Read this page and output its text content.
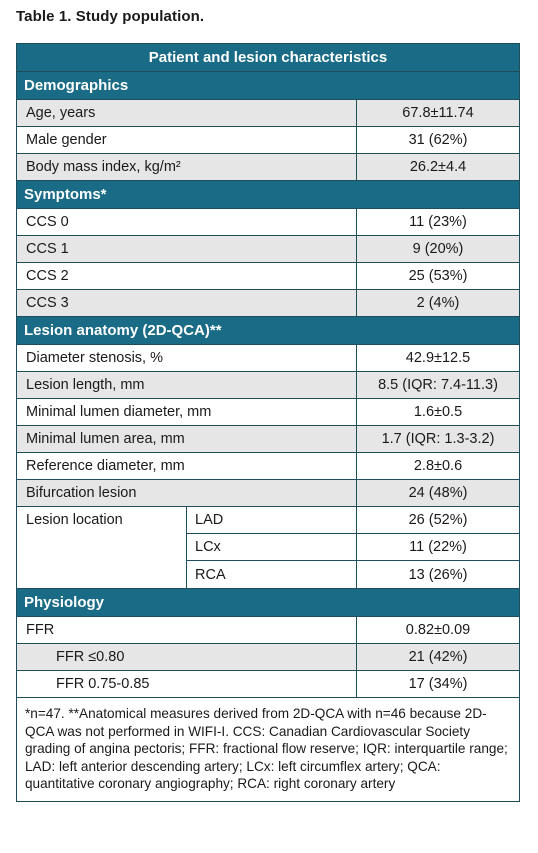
Table 1. Study population.
Patient and lesion characteristics
Demographics
Age, years	67.8±11.74
Male gender	31 (62%)
Body mass index, kg/m²	26.2±4.4
Symptoms*
CCS 0	11 (23%)
CCS 1	9 (20%)
CCS 2	25 (53%)
CCS 3	2 (4%)
Lesion anatomy (2D-QCA)**
Diameter stenosis, %	42.9±12.5
Lesion length, mm	8.5 (IQR: 7.4-11.3)
Minimal lumen diameter, mm	1.6±0.5
Minimal lumen area, mm	1.7 (IQR: 1.3-3.2)
Reference diameter, mm	2.8±0.6
Bifurcation lesion	24 (48%)
Lesion location	LAD	26 (52%)
LCx	11 (22%)
RCA	13 (26%)
Physiology
FFR	0.82±0.09
FFR ≤0.80	21 (42%)
FFR 0.75-0.85	17 (34%)
*n=47. **Anatomical measures derived from 2D-QCA with n=46 because 2D-QCA was not performed in WIFI-I. CCS: Canadian Cardiovascular Society grading of angina pectoris; FFR: fractional flow reserve; IQR: interquartile range; LAD: left anterior descending artery; LCx: left circumflex artery; QCA: quantitative coronary angiography; RCA: right coronary artery
